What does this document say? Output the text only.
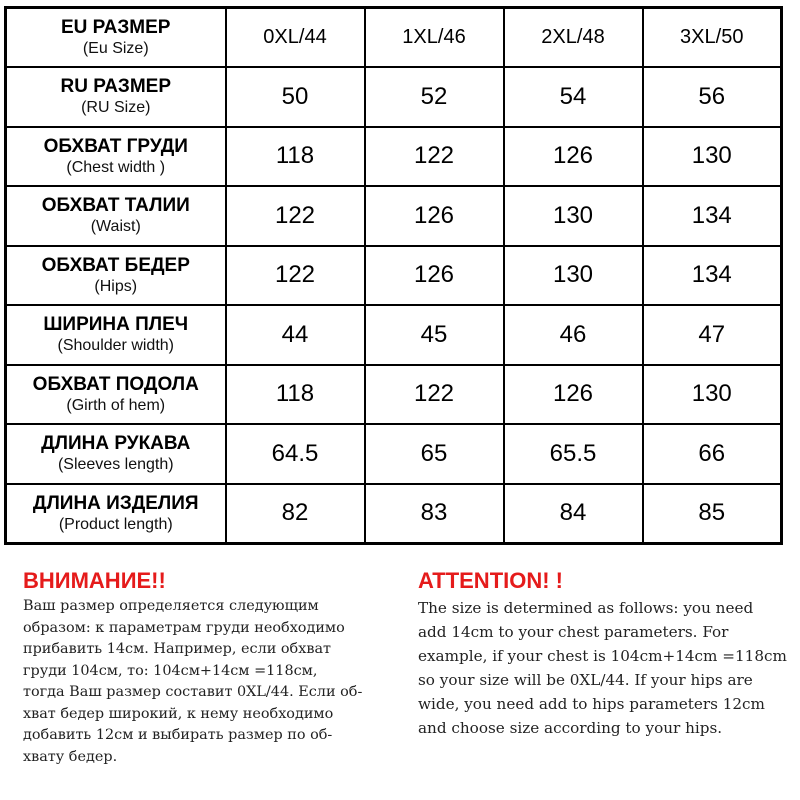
EU РАЗМЕР
(Eu Size)	0XL/44	1XL/46	2XL/48	3XL/50

RU РАЗМЕР
(RU Size)	50	52	54	56

ОБХВАТ ГРУДИ
(Chest width )	118	122	126	130

ОБХВАТ ТАЛИИ
(Waist)	122	126	130	134

ОБХВАТ БЕДЕР
(Hips)	122	126	130	134

ШИРИНА ПЛЕЧ
(Shoulder width)	44	45	46	47

ОБХВАТ ПОДОЛА
(Girth of hem)	118	122	126	130

ДЛИНА РУКАВА
(Sleeves length)	64.5	65	65.5	66

ДЛИНА ИЗДЕЛИЯ
(Product length)	82	83	84	85
ВНИМАНИЕ!!
Ваш размер определяется следующим
образом: к параметрам груди необходимо
прибавить 14см. Например, если обхват
груди 104см, то: 104см+14см =118см,
тогда Ваш размер составит 0XL/44. Если об-
хват бедер широкий, к нему необходимо
добавить 12см и выбирать размер по об-
хвату бедер.
ATTENTION! !
The size is determined as follows: you need
add 14cm to your chest parameters. For
example, if your chest is 104cm+14cm =118cm
so your size will be 0XL/44. If your hips are
wide, you need add to hips parameters 12cm
and choose size according to your hips.
